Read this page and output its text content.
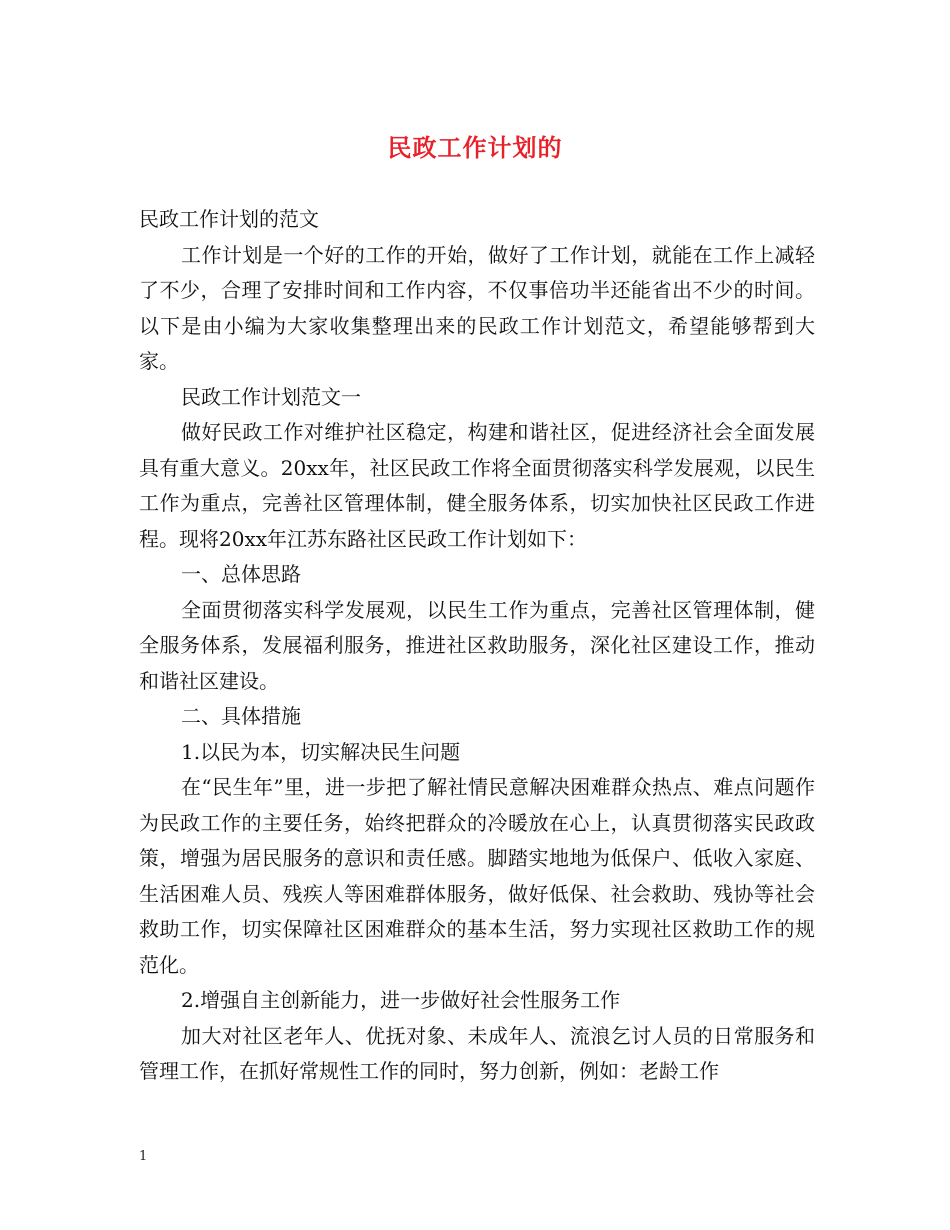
民政工作计划的

民政工作计划的范文

工作计划是一个好的工作的开始，做好了工作计划，就能在工作上减轻了不少，合理了安排时间和工作内容，不仅事倍功半还能省出不少的时间。以下是由小编为大家收集整理出来的民政工作计划范文，希望能够帮到大家。

民政工作计划范文一

做好民政工作对维护社区稳定，构建和谐社区，促进经济社会全面发展具有重大意义。20xx年，社区民政工作将全面贯彻落实科学发展观，以民生工作为重点，完善社区管理体制，健全服务体系，切实加快社区民政工作进程。现将20xx年江苏东路社区民政工作计划如下：

一、总体思路

全面贯彻落实科学发展观，以民生工作为重点，完善社区管理体制，健全服务体系，发展福利服务，推进社区救助服务，深化社区建设工作，推动和谐社区建设。

二、具体措施

1.以民为本，切实解决民生问题

在“民生年”里，进一步把了解社情民意解决困难群众热点、难点问题作为民政工作的主要任务，始终把群众的冷暖放在心上，认真贯彻落实民政政策，增强为居民服务的意识和责任感。脚踏实地地为低保户、低收入家庭、生活困难人员、残疾人等困难群体服务，做好低保、社会救助、残协等社会救助工作，切实保障社区困难群众的基本生活，努力实现社区救助工作的规范化。

2.增强自主创新能力，进一步做好社会性服务工作

加大对社区老年人、优抚对象、未成年人、流浪乞讨人员的日常服务和管理工作，在抓好常规性工作的同时，努力创新，例如：老龄工作

1
